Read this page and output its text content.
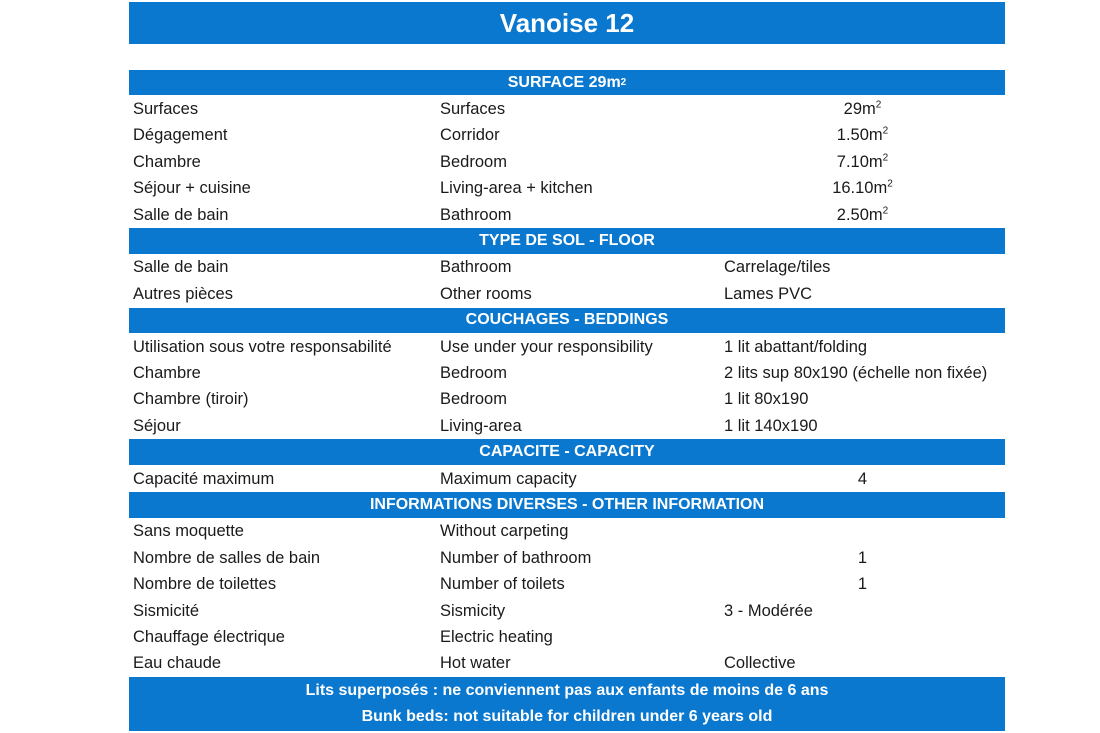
Vanoise 12
SURFACE 29m 2
Surfaces	Surfaces	$29m^2$
Dégagement	Corridor	$1.50m^2$
Chambre	Bedroom	$7.10m^2$
Séjour + cuisine	Living-area + kitchen	$16.10m^2$
Salle de bain	Bathroom	$2.50m^2$
TYPE DE SOL - FLOOR
Salle de bain	Bathroom	Carrelage/tiles
Autres pièces	Other rooms	Lames PVC
COUCHAGES - BEDDINGS
Utilisation sous votre responsabilité	Use under your responsibility	1 lit abattant/folding
Chambre	Bedroom	2 lits sup 80x190 (échelle non fixée)
Chambre (tiroir)	Bedroom	1 lit 80x190
Séjour	Living-area	1 lit 140x190
CAPACITE - CAPACITY
Capacité maximum	Maximum capacity	4
INFORMATIONS DIVERSES - OTHER INFORMATION
Sans moquette	Without carpeting
Nombre de salles de bain	Number of bathroom	1
Nombre de toilettes	Number of toilets	1
Sismicité	Sismicity	3 - Modérée
Chauffage électrique	Electric heating
Eau chaude	Hot water	Collective
Lits superposés : ne conviennent pas aux enfants de moins de 6 ans
Bunk beds: not suitable for children under 6 years old
